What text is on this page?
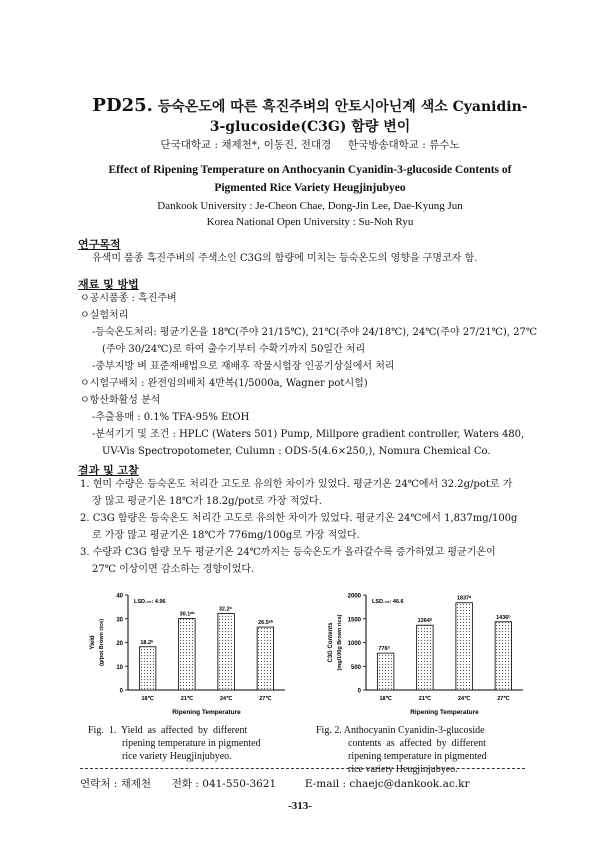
PD25. 등숙온도에 따른 흑진주벼의 안토시아닌계 색소 Cyanidin-
3-glucoside(C3G) 함량 변이
단국대학교 : 채제천*, 이동진, 전대경     한국방송대학교 : 류수노
Effect of Ripening Temperature on Anthocyanin Cyanidin-3-glucoside Contents of
Pigmented Rice Variety Heugjinjubyeo
Dankook University : Je-Cheon Chae, Dong-Jin Lee, Dae-Kyung Jun
Korea National Open University : Su-Noh Ryu
연구목적
유색미 품종 흑진주벼의 주색소인 C3G의 함량에 미치는 등숙온도의 영향을 구명코자 함.
재료 및 방법
ㅇ공시품종 : 흑진주벼
ㅇ실험처리
-등숙온도처리: 평균기온을 18℃(주야 21/15℃), 21℃(주야 24/18℃), 24℃(주야 27/21℃), 27℃
(주야 30/24℃)로 하여 출수기부터 수확기까지 50일간 처리
-중부지방 벼 표준재배법으로 재배후 작물시험장 인공기상실에서 처리
ㅇ시험구배치 : 완전임의배치 4반복(1/5000a, Wagner pot시험)
ㅇ항산화활성 분석
-추출용매 : 0.1% TFA-95% EtOH
-분석기기 및 조건 : HPLC (Waters 501) Pump, Millpore gradient controller, Waters 480,
UV-Vis Spectropotometer, Culumn : ODS-5(4.6×250,), Nomura Chemical Co.
결과 및 고찰
1. 현미 수량은 등숙온도 처리간 고도로 유의한 차이가 있었다. 평균기온 24℃에서 32.2g/pot로 가
장 많고 평균기온 18℃가 18.2g/pot로 가장 적었다.
2. C3G 함량은 등숙온도 처리간 고도로 유의한 차이가 있었다. 평균기온 24℃에서 1,837mg/100g
로 가장 많고 평균기온 18℃가 776mg/100g로 가장 적었다.
3. 수량과 C3G 함량 모두 평균기온 24℃까지는 등숙온도가 올라갈수록 증가하였고 평균기온이
27℃ 이상이면 감소하는 경향이었다.
0
10
20
30
40
18.2ᵇ
18℃
30.1ᵃᵇ
21℃
32.2ᵃ
24℃
26.5ᵃᵇ
27℃
LSD.₀₅: 4.96
Ripening Temperature
Yield (g/pot Brown rice)
0
500
1000
1500
2000
776ᵈ
18℃
1364ᵇ
21℃
1837ᵃ
24℃
1436ᵇ
27℃
LSD.₀₅: 46.6
Ripening Temperature
C3G Contents (mg/100g Brown rice)
Fig.  1.  Yield  as  affected  by  different
ripening temperature in pigmented
rice variety Heugjinjubyeo.
Fig. 2. Anthocyanin Cyanidin-3-glucoside
contents  as  affected  by  different
ripening temperature in pigmented
rice variety Heugjinjubyeo.
연락처 : 채제천 전화 : 041-550-3621	E-mail : chaejc@dankook.ac.kr
-313-
